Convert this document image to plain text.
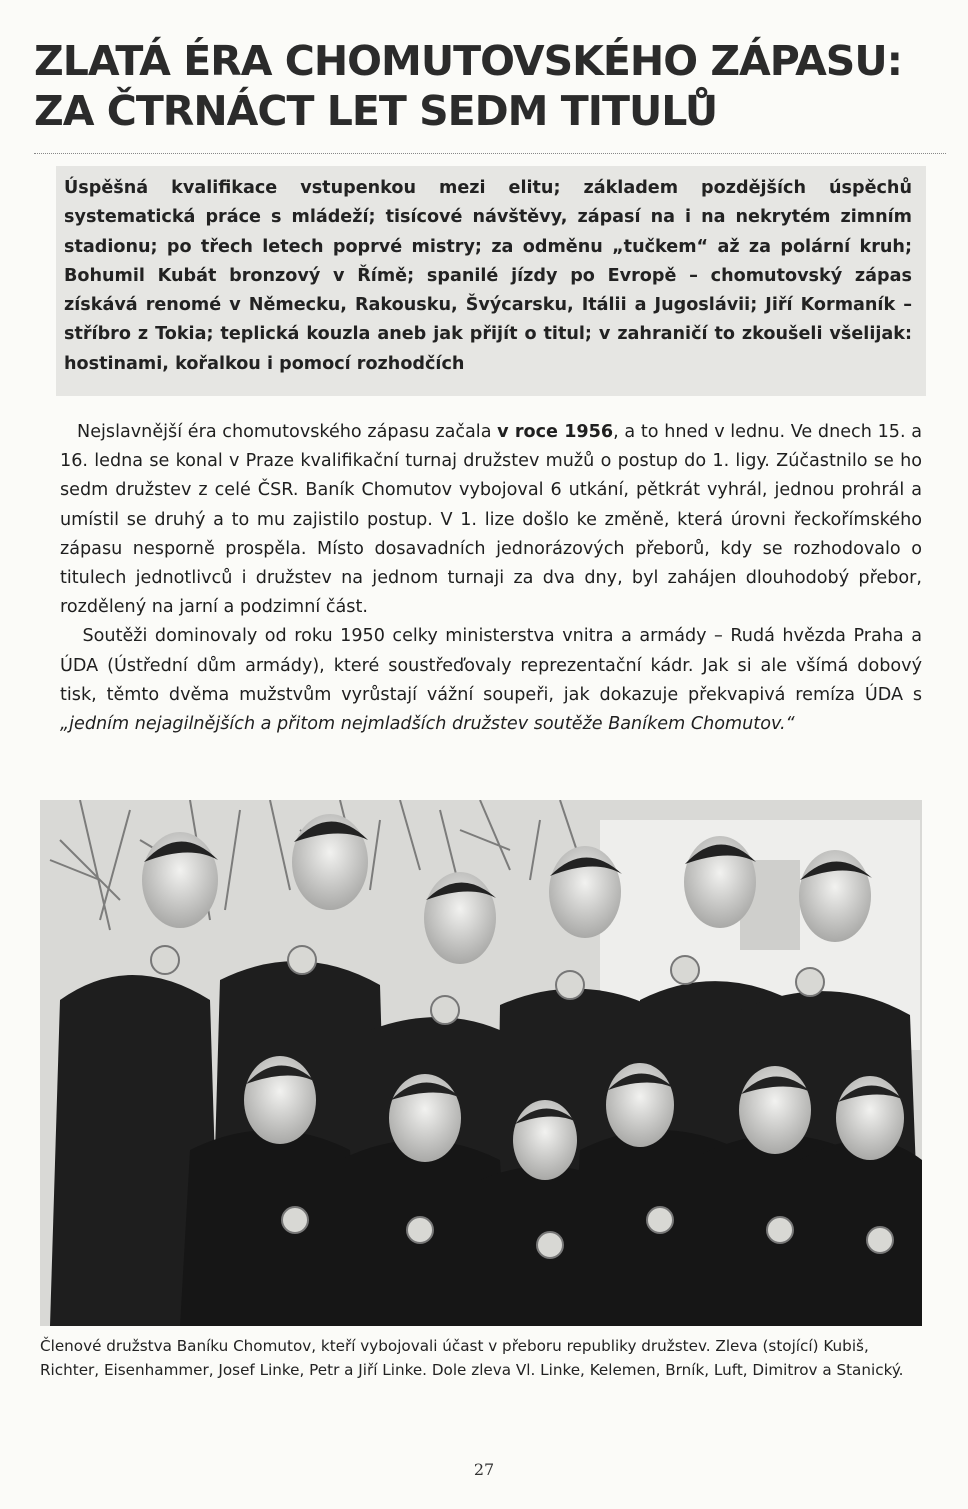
ZLATÁ ÉRA CHOMUTOVSKÉHO ZÁPASU:
ZA ČTRNÁCT LET SEDM TITULŮ
Úspěšná kvalifikace vstupenkou mezi elitu; základem pozdějších úspěchů systematická práce s mládeží; tisícové návštěvy, zápasí na i na nekrytém zimním stadionu; po třech letech poprvé mistry; za odměnu „tučkem“ až za polární kruh; Bohumil Kubát bronzový v Římě; spanilé jízdy po Evropě – chomutovský zápas získává renomé v Německu, Rakousku, Švýcarsku, Itálii a Jugoslávii; Jiří Kormaník – stříbro z Tokia; teplická kouzla aneb jak přijít o titul; v zahraničí to zkoušeli všelijak: hostinami, kořalkou i pomocí rozhodčích

Nejslavnější éra chomutovského zápasu začala v roce 1956, a to hned v lednu. Ve dnech 15. a 16. ledna se konal v Praze kvalifikační turnaj družstev mužů o postup do 1. ligy. Zúčastnilo se ho sedm družstev z celé ČSR. Baník Chomutov vybojoval 6 utkání, pětkrát vyhrál, jednou prohrál a umístil se druhý a to mu zajistilo postup. V 1. lize došlo ke změně, která úrovni řeckořímského zápasu nesporně prospěla. Místo dosavadních jednorázových přeborů, kdy se rozhodovalo o titulech jednotlivců i družstev na jednom turnaji za dva dny, byl zahájen dlouhodobý přebor, rozdělený na jarní a podzimní část.

Soutěži dominovaly od roku 1950 celky ministerstva vnitra a armády – Rudá hvězda Praha a ÚDA (Ústřední dům armády), které soustřeďovaly reprezentační kádr. Jak si ale všímá dobový tisk, těmto dvěma mužstvům vyrůstají vážní soupeři, jak dokazuje překvapivá remíza ÚDA s „jedním nejagilnějších a přitom nejmladších družstev soutěže Baníkem Chomutov.“

Členové družstva Baníku Chomutov, kteří vybojovali účast v přeboru republiky družstev. Zleva (stojící) Kubiš, Richter, Eisenhammer, Josef Linke, Petr a Jiří Linke. Dole zleva Vl. Linke, Kelemen, Brník, Luft, Dimitrov a Stanický.
27
